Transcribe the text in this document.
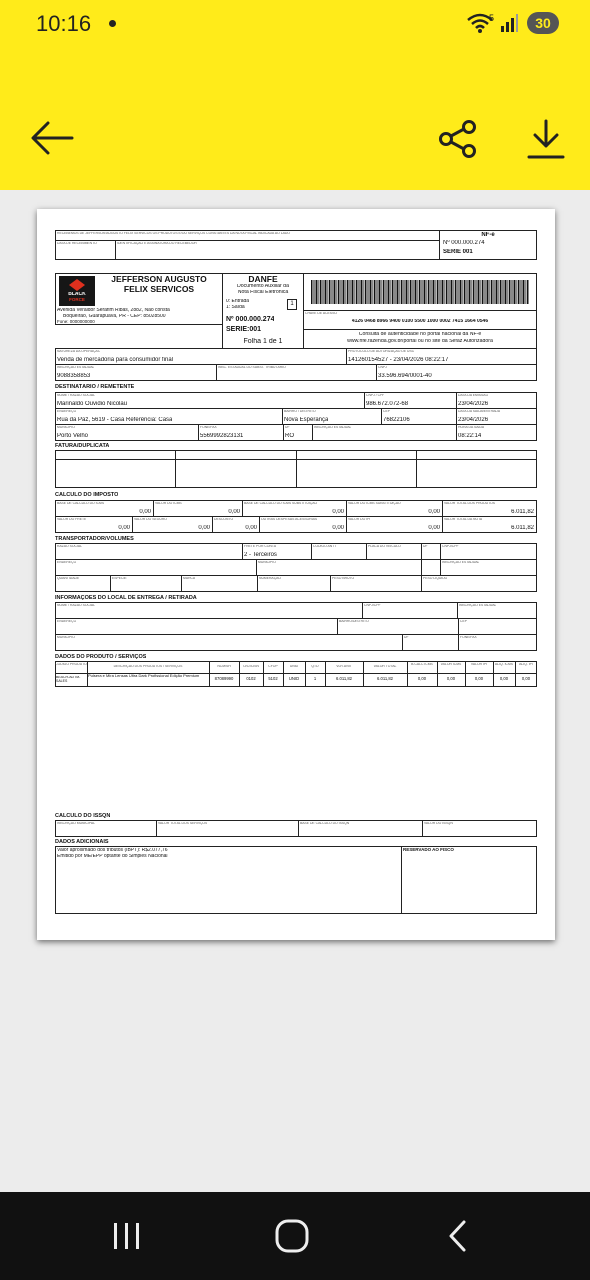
10:16	5	30
RECEBEMOS DE JEFFERSON AUGUSTO FELIX SERVICOS OS PRODUTOS E/OU SERVIÇOS CONSTANTES DA NOTA FISCAL INDICADA AO LADO
DATA DE RECEBIMENTO	IDENTIFICAÇÃO E ASSINATURA DO RECEBEDOR
NF-e
Nº 000.000.274
SÉRIE 001
BLACK
FORCE
JEFFERSON AUGUSTO FELIX SERVICOS
Avenida Veraldor Serafim Ribas, 2882, Não consta
Boqueirão, Guarapuava, PR - CEP: 85028500
Fone: 0000000000
DANFE
Documento Auxiliar da
Nota Fiscal Eletrônica
0: Entrada
1: Saída	1
Nº 000.000.274
SÉRIE:001
Folha 1 de 1
CHAVE DE ACESSO
4126 0468 8966 9400 0100 5500 1000 0002 7415 1664 0546
Consulta de autenticidade no portal nacional da NF-e
www.nfe.fazenda.gov.br/portal ou no site da Sefaz Autorizadora
NATUREZA DA OPERAÇÃO
Venda de mercadoria para consumidor final
PROTOCOLO DE AUTORIZAÇÃO DE USO
141260154527 - 23/04/2026 08:22:17
INSCRIÇÃO ESTADUAL
9088358853
INSC. ESTADUAL DO SUBST. TRIBUTÁRIO	CNPJ
33.596.694/0001-40
DESTINATÁRIO / REMETENTE
NOME / RAZÃO SOCIAL
Marinaldo Ouvidio Nicolau
CNPJ / CPF
986.672.072-68
DATA DA EMISSÃO
23/04/2026
ENDEREÇO
Rua da Paz, 5619 - Casa Referência: Casa
BAIRRO / DISTRITO
Nova Esperança
CEP
76822106
DATA DA SAÍDA/ENTRADA
23/04/2026
MUNICÍPIO
Porto Velho
FONE/FAX
5569992823131
UF
RO
INSCRIÇÃO ESTADUAL	HORA DA SAÍDA
08:22:14
FATURA/DUPLICATA
CÁLCULO DO IMPOSTO
BASE DE CÁLCULO DO ICMS
0,00
VALOR DO ICMS
0,00
BASE DE CÁLCULO DO ICMS SUBSTITUIÇÃO
0,00
VALOR DO ICMS SUBSTITUIÇÃO
0,00
VALOR TOTAL DOS PRODUTOS
6.011,82
VALOR DO FRETE
0,00
VALOR DO SEGURO
0,00
DESCONTO
0,00
OUTRAS DESPESAS ACESSÓRIAS
0,00
VALOR DO IPI
0,00
VALOR TOTAL DA NOTA
6.011,82
TRANSPORTADOR/VOLUMES
RAZÃO SOCIAL	FRETE POR CONTA
2 - Terceiros
CÓDIGO ANTT	PLACA DO VEÍCULO	UF	CNPJ/CPF
ENDEREÇO	MUNICÍPIO	INSCRIÇÃO ESTADUAL
QUANTIDADE	ESPÉCIE	MARCA	NUMERAÇÃO	PESO BRUTO	PESO LÍQUIDO
INFORMAÇÕES DO LOCAL DE ENTREGA / RETIRADA
NOME / RAZÃO SOCIAL	CNPJ/CPF	INSCRIÇÃO ESTADUAL
ENDEREÇO	BAIRRO/DISTRITO	CEP
MUNICÍPIO	UF	FONE/FAX
DADOS DO PRODUTO / SERVIÇOS
CÓDIGO PRODUTO	DESCRIÇÃO DOS PRODUTOS / SERVIÇOS	NCM/SH	O/CSOSN	CFOP	UNID	QTD	VLR.UNIT	VALOR TOTAL	B.CÁLC ICMS	VALOR ICMS	VALOR IPI	ALÍQ. ICMS	ALÍQ. IPI
BEACH-ADTM-SALES
Pulsera e Mira Lensas Ultra Dark Profissional Edição Premium
87089990	0102	5102	UNID	1	6.011,82	6.011,82	0,00	0,00	0,00	0,00	0,00
CÁLCULO DO ISSQN
INSCRIÇÃO MUNICIPAL	VALOR TOTAL DOS SERVIÇOS	BASE DE CÁLCULO DO ISSQN	VALOR DO ISSQN
DADOS ADICIONAIS
Valor aproximado dos tributos (IBPT): R$2.077,76
Emitido por ME/EPP optante do Simples Nacional
RESERVADO AO FISCO
